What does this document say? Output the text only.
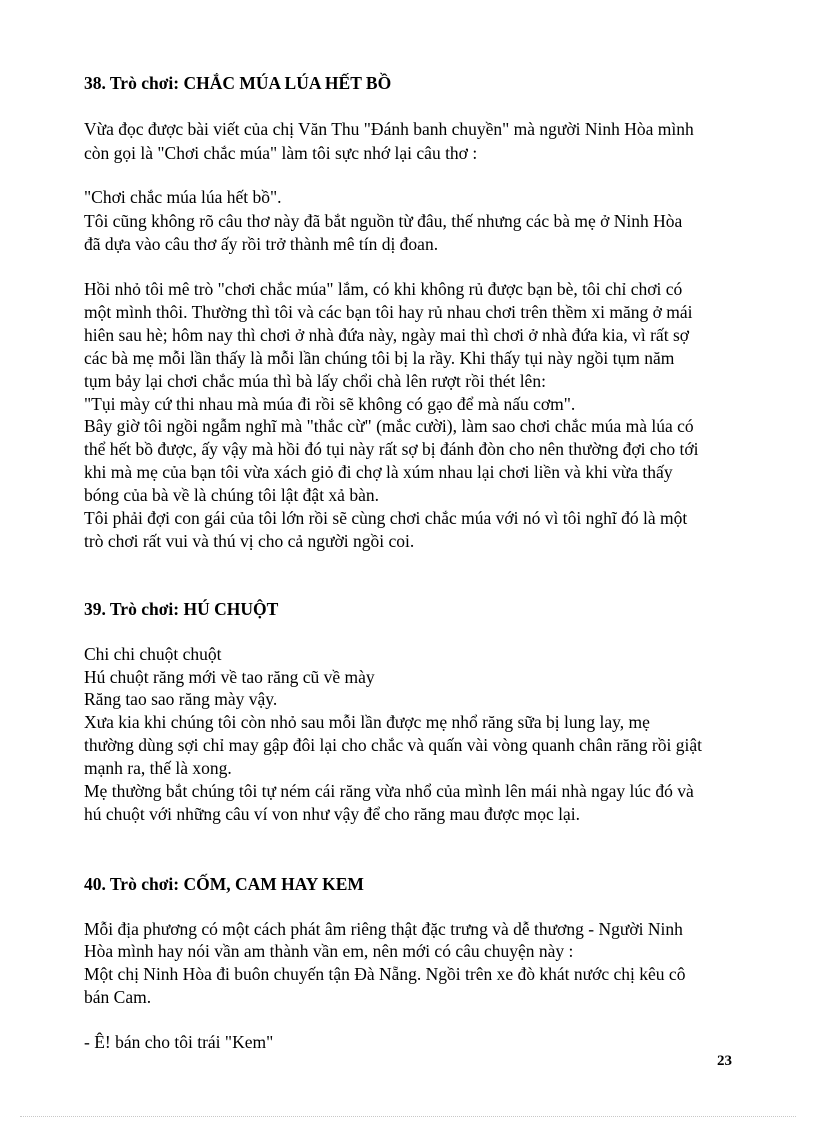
38. Trò chơi: CHẮC MÚA LÚA HẾT BỒ
Vừa đọc được bài viết của chị Văn Thu "Đánh banh chuyền" mà người Ninh Hòa mình
còn gọi là "Chơi chắc múa" làm tôi sực nhớ lại câu thơ :
"Chơi chắc múa lúa hết bồ".
Tôi cũng không rõ câu thơ này đã bắt nguồn từ đâu, thế nhưng các bà mẹ ở Ninh Hòa
đã dựa vào câu thơ ấy rồi trở thành mê tín dị đoan.
Hồi nhỏ tôi mê trò "chơi chắc múa" lắm, có khi không rủ được bạn bè, tôi chỉ chơi có
một mình thôi. Thường thì tôi và các bạn tôi hay rủ nhau chơi trên thềm xi măng ở mái
hiên sau hè; hôm nay thì chơi ở nhà đứa này, ngày mai thì chơi ở nhà đứa kia, vì rất sợ
các bà mẹ mỗi lần thấy là mỗi lần chúng tôi bị la rầy. Khi thấy tụi này ngồi tụm năm
tụm bảy lại chơi chắc múa thì bà lấy chổi chà lên rượt rồi thét lên:
"Tụi mày cứ thi nhau mà múa đi rồi sẽ không có gạo để mà nấu cơm".
Bây giờ tôi ngồi ngẫm nghĩ mà "thắc cừ" (mắc cười), làm sao chơi chắc múa mà lúa có
thể hết bồ được, ấy vậy mà hồi đó tụi này rất sợ bị đánh đòn cho nên thường đợi cho tới
khi mà mẹ của bạn tôi vừa xách giỏ đi chợ là xúm nhau lại chơi liền và khi vừa thấy
bóng của bà về là chúng tôi lật đật xả bàn.
Tôi phải đợi con gái của tôi lớn rồi sẽ cùng chơi chắc múa với nó vì tôi nghĩ đó là một
trò chơi rất vui và thú vị cho cả người ngồi coi.
39. Trò chơi: HÚ CHUỘT
Chi chi chuột chuột
Hú chuột răng mới về tao răng cũ về mày
Răng tao sao răng mày vậy.
Xưa kia khi chúng tôi còn nhỏ sau mỗi lần được mẹ nhổ răng sữa bị lung lay, mẹ
thường dùng sợi chỉ may gập đôi lại cho chắc và quấn vài vòng quanh chân răng rồi giật
mạnh ra, thế là xong.
Mẹ thường bắt chúng tôi tự ném cái răng vừa nhổ của mình lên mái nhà ngay lúc đó và
hú chuột với những câu ví von như vậy để cho răng mau được mọc lại.
40. Trò chơi: CỐM, CAM HAY KEM
Mỗi địa phương có một cách phát âm riêng thật đặc trưng và dễ thương - Người Ninh
Hòa mình hay nói vần am thành vần em, nên mới có câu chuyện này :
Một chị Ninh Hòa đi buôn chuyến tận Đà Nẵng. Ngồi trên xe đò khát nước chị kêu cô
bán Cam.
- Ê! bán cho tôi trái "Kem"
23
